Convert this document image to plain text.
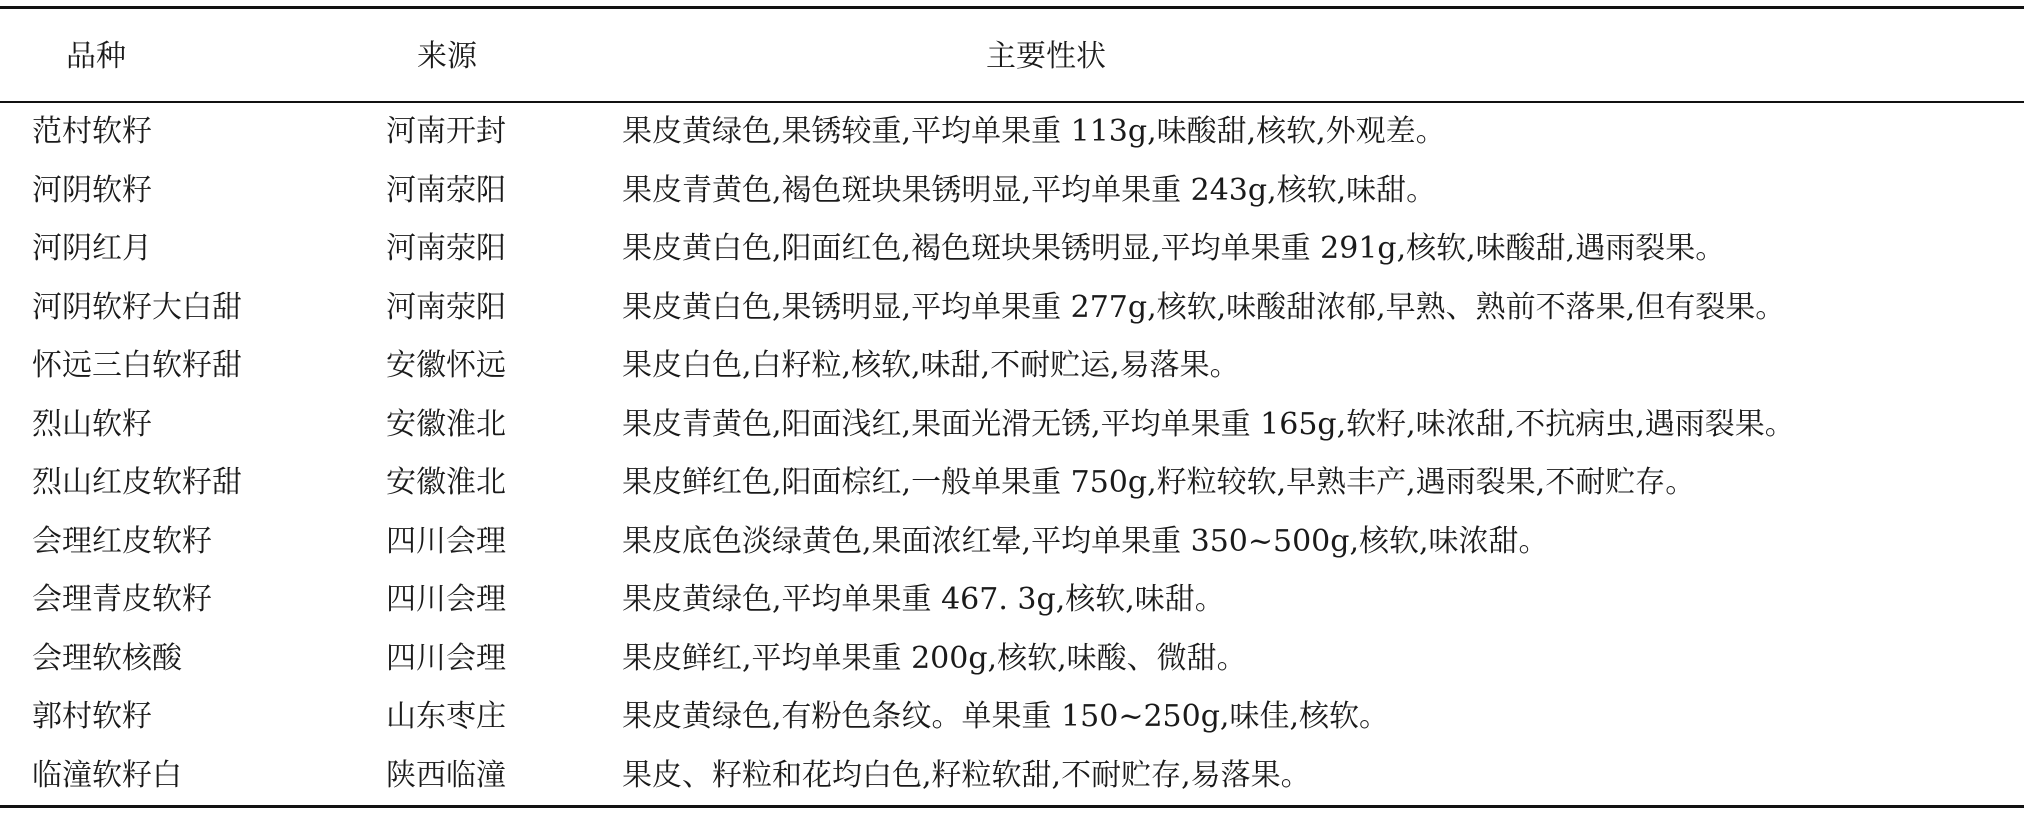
品种	来源	主要性状
范村软籽	河南开封	果皮黄绿色,果锈较重,平均单果重 113g,味酸甜,核软,外观差。
河阴软籽	河南荥阳	果皮青黄色,褐色斑块果锈明显,平均单果重 243g,核软,味甜。
河阴红月	河南荥阳	果皮黄白色,阳面红色,褐色斑块果锈明显,平均单果重 291g,核软,味酸甜,遇雨裂果。
河阴软籽大白甜	河南荥阳	果皮黄白色,果锈明显,平均单果重 277g,核软,味酸甜浓郁,早熟、熟前不落果,但有裂果。
怀远三白软籽甜	安徽怀远	果皮白色,白籽粒,核软,味甜,不耐贮运,易落果。
烈山软籽	安徽淮北	果皮青黄色,阳面浅红,果面光滑无锈,平均单果重 165g,软籽,味浓甜,不抗病虫,遇雨裂果。
烈山红皮软籽甜	安徽淮北	果皮鲜红色,阳面棕红,一般单果重 750g,籽粒较软,早熟丰产,遇雨裂果,不耐贮存。
会理红皮软籽	四川会理	果皮底色淡绿黄色,果面浓红晕,平均单果重 350~500g,核软,味浓甜。
会理青皮软籽	四川会理	果皮黄绿色,平均单果重 467. 3g,核软,味甜。
会理软核酸	四川会理	果皮鲜红,平均单果重 200g,核软,味酸、微甜。
郭村软籽	山东枣庄	果皮黄绿色,有粉色条纹。单果重 150~250g,味佳,核软。
临潼软籽白	陕西临潼	果皮、籽粒和花均白色,籽粒软甜,不耐贮存,易落果。
